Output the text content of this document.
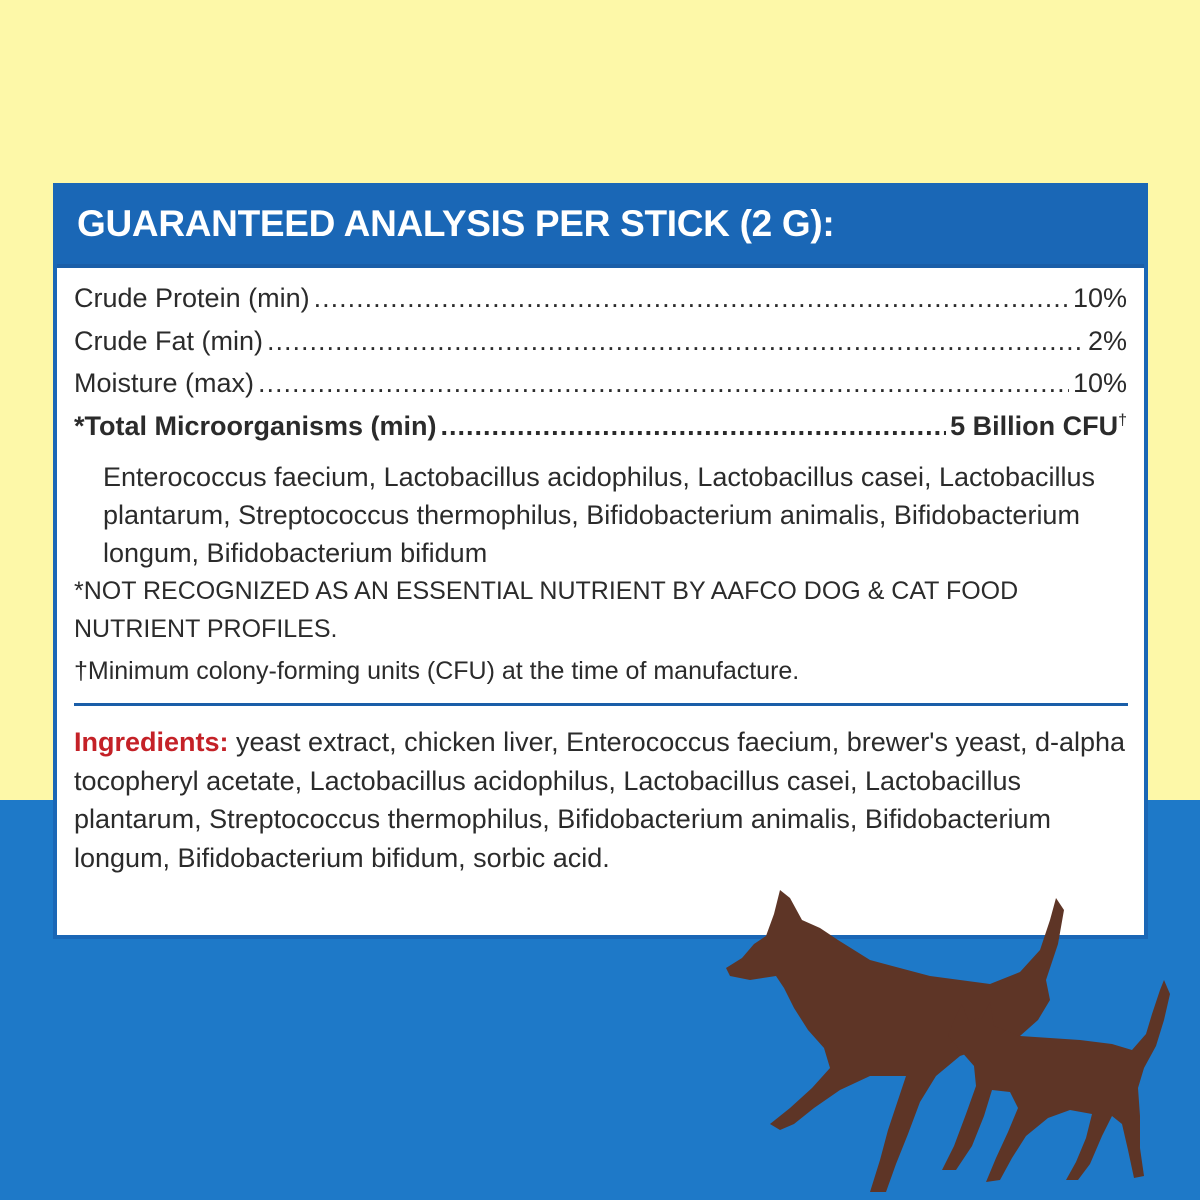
GUARANTEED ANALYSIS PER STICK (2 G):
Crude Protein (min) .....	10%
Crude Fat (min) .....	2%
Moisture (max) .....	10%
*Total Microorganisms (min) .....	5 Billion CFU†
Enterococcus faecium, Lactobacillus acidophilus, Lactobacillus casei, Lactobacillus plantarum, Streptococcus thermophilus, Bifidobacterium animalis, Bifidobacterium longum, Bifidobacterium bifidum
*NOT RECOGNIZED AS AN ESSENTIAL NUTRIENT BY AAFCO DOG & CAT FOOD NUTRIENT PROFILES.
†Minimum colony-forming units (CFU) at the time of manufacture.
Ingredients: yeast extract, chicken liver, Enterococcus faecium, brewer's yeast, d-alpha tocopheryl acetate, Lactobacillus acidophilus, Lactobacillus casei, Lactobacillus plantarum, Streptococcus thermophilus, Bifidobacterium animalis, Bifidobacterium longum, Bifidobacterium bifidum, sorbic acid.
